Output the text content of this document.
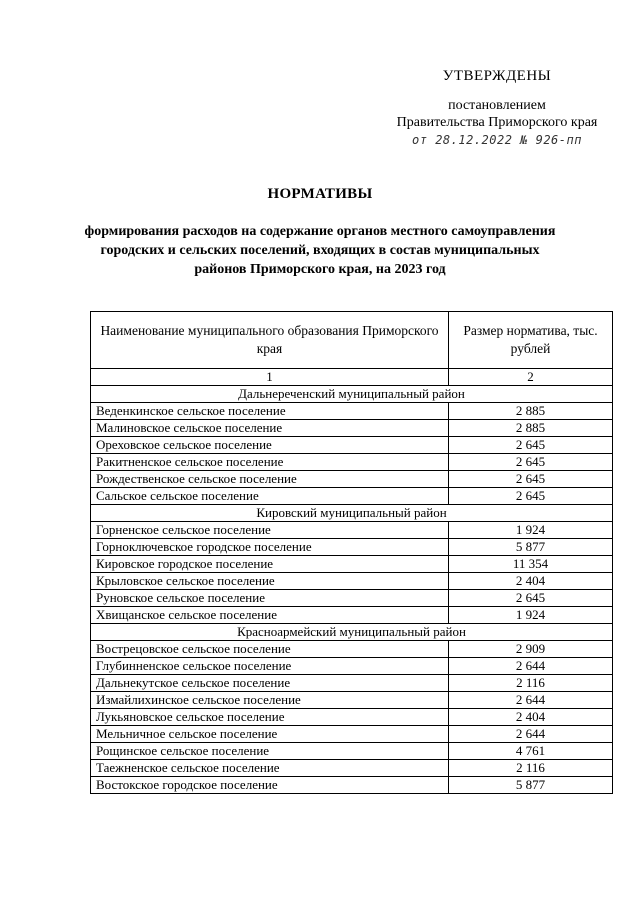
УТВЕРЖДЕНЫ
постановлением
Правительства Приморского края
от 28.12.2022 № 926-пп
НОРМАТИВЫ
формирования расходов на содержание органов местного самоуправления городских и сельских поселений, входящих в состав муниципальных районов Приморского края, на 2023 год
Наименование муниципального образования Приморского края	Размер норматива, тыс. рублей
1	2
Дальнереченский муниципальный район	
Веденкинское сельское поселение	2 885
Малиновское сельское поселение	2 885
Ореховское сельское поселение	2 645
Ракитненское сельское поселение	2 645
Рождественское сельское поселение	2 645
Сальское сельское поселение	2 645
Кировский муниципальный район	
Горненское сельское поселение	1 924
Горноключевское городское поселение	5 877
Кировское городское поселение	11 354
Крыловское сельское поселение	2 404
Руновское сельское поселение	2 645
Хвищанское сельское поселение	1 924
Красноармейский муниципальный район	
Вострецовское сельское поселение	2 909
Глубинненское сельское поселение	2 644
Дальнекутское сельское поселение	2 116
Измайлихинское сельское поселение	2 644
Лукьяновское сельское поселение	2 404
Мельничное сельское поселение	2 644
Рощинское сельское поселение	4 761
Таежненское сельское поселение	2 116
Востокское городское поселение	5 877
